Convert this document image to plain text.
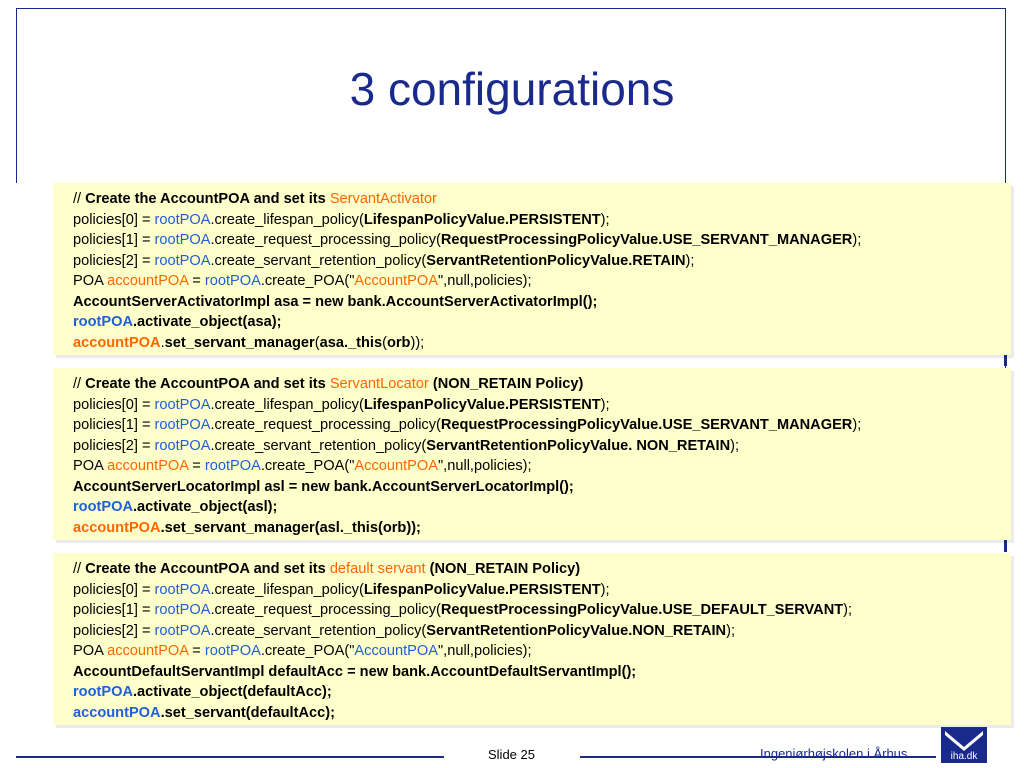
3 configurations
// Create the AccountPOA and set its ServantActivator
policies[0] = rootPOA.create_lifespan_policy(LifespanPolicyValue.PERSISTENT);
policies[1] = rootPOA.create_request_processing_policy(RequestProcessingPolicyValue.USE_SERVANT_MANAGER);
policies[2] = rootPOA.create_servant_retention_policy(ServantRetentionPolicyValue.RETAIN);
POA accountPOA = rootPOA.create_POA("AccountPOA",null,policies);
AccountServerActivatorImpl asa = new bank.AccountServerActivatorImpl();
rootPOA.activate_object(asa);
accountPOA.set_servant_manager(asa._this(orb));
// Create the AccountPOA and set its ServantLocator (NON_RETAIN Policy)
policies[0] = rootPOA.create_lifespan_policy(LifespanPolicyValue.PERSISTENT);
policies[1] = rootPOA.create_request_processing_policy(RequestProcessingPolicyValue.USE_SERVANT_MANAGER);
policies[2] = rootPOA.create_servant_retention_policy(ServantRetentionPolicyValue. NON_RETAIN);
POA accountPOA = rootPOA.create_POA("AccountPOA",null,policies);
AccountServerLocatorImpl asl = new bank.AccountServerLocatorImpl();
rootPOA.activate_object(asl);
accountPOA.set_servant_manager(asl._this(orb));
// Create the AccountPOA and set its default servant (NON_RETAIN Policy)
policies[0] = rootPOA.create_lifespan_policy(LifespanPolicyValue.PERSISTENT);
policies[1] = rootPOA.create_request_processing_policy(RequestProcessingPolicyValue.USE_DEFAULT_SERVANT);
policies[2] = rootPOA.create_servant_retention_policy(ServantRetentionPolicyValue.NON_RETAIN);
POA accountPOA = rootPOA.create_POA("AccountPOA",null,policies);
AccountDefaultServantImpl defaultAcc = new bank.AccountDefaultServantImpl();
rootPOA.activate_object(defaultAcc);
accountPOA.set_servant(defaultAcc);
Slide 25	Ingeniørhøjskolen i Århus	iha.dk
